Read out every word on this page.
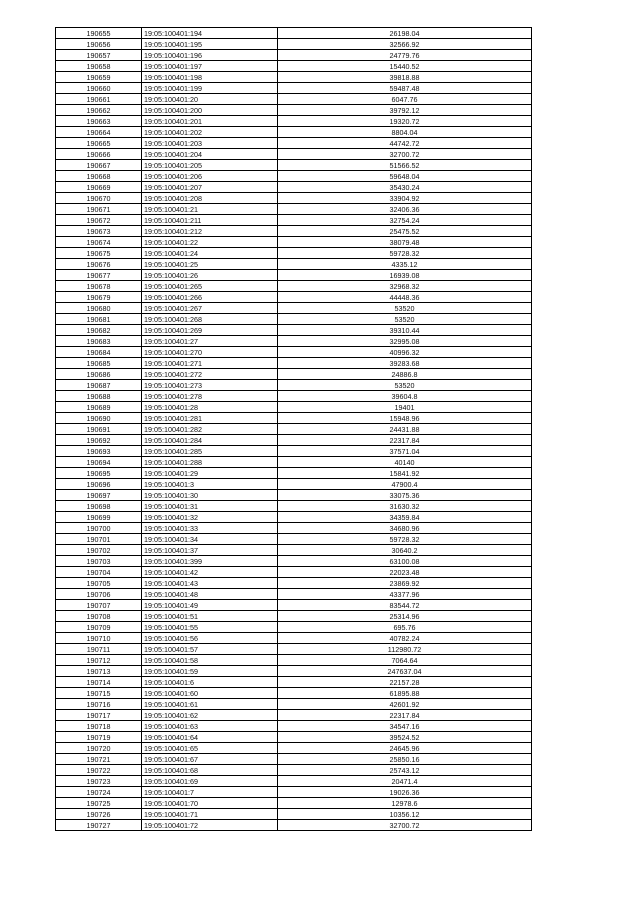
190655	19:05:100401:194	26198.04
190656	19:05:100401:195	32566.92
190657	19:05:100401:196	24779.76
190658	19:05:100401:197	15440.52
190659	19:05:100401:198	39818.88
190660	19:05:100401:199	59487.48
190661	19:05:100401:20	6047.76
190662	19:05:100401:200	39792.12
190663	19:05:100401:201	19320.72
190664	19:05:100401:202	8804.04
190665	19:05:100401:203	44742.72
190666	19:05:100401:204	32700.72
190667	19:05:100401:205	51566.52
190668	19:05:100401:206	59648.04
190669	19:05:100401:207	35430.24
190670	19:05:100401:208	33904.92
190671	19:05:100401:21	32406.36
190672	19:05:100401:211	32754.24
190673	19:05:100401:212	25475.52
190674	19:05:100401:22	38079.48
190675	19:05:100401:24	59728.32
190676	19:05:100401:25	4335.12
190677	19:05:100401:26	16939.08
190678	19:05:100401:265	32968.32
190679	19:05:100401:266	44448.36
190680	19:05:100401:267	53520
190681	19:05:100401:268	53520
190682	19:05:100401:269	39310.44
190683	19:05:100401:27	32995.08
190684	19:05:100401:270	40996.32
190685	19:05:100401:271	39283.68
190686	19:05:100401:272	24886.8
190687	19:05:100401:273	53520
190688	19:05:100401:278	39604.8
190689	19:05:100401:28	19401
190690	19:05:100401:281	15948.96
190691	19:05:100401:282	24431.88
190692	19:05:100401:284	22317.84
190693	19:05:100401:285	37571.04
190694	19:05:100401:288	40140
190695	19:05:100401:29	15841.92
190696	19:05:100401:3	47900.4
190697	19:05:100401:30	33075.36
190698	19:05:100401:31	31630.32
190699	19:05:100401:32	34359.84
190700	19:05:100401:33	34680.96
190701	19:05:100401:34	59728.32
190702	19:05:100401:37	30640.2
190703	19:05:100401:399	63100.08
190704	19:05:100401:42	22023.48
190705	19:05:100401:43	23869.92
190706	19:05:100401:48	43377.96
190707	19:05:100401:49	83544.72
190708	19:05:100401:51	25314.96
190709	19:05:100401:55	695.76
190710	19:05:100401:56	40782.24
190711	19:05:100401:57	112980.72
190712	19:05:100401:58	7064.64
190713	19:05:100401:59	247637.04
190714	19:05:100401:6	22157.28
190715	19:05:100401:60	61895.88
190716	19:05:100401:61	42601.92
190717	19:05:100401:62	22317.84
190718	19:05:100401:63	34547.16
190719	19:05:100401:64	39524.52
190720	19:05:100401:65	24645.96
190721	19:05:100401:67	25850.16
190722	19:05:100401:68	25743.12
190723	19:05:100401:69	20471.4
190724	19:05:100401:7	19026.36
190725	19:05:100401:70	12978.6
190726	19:05:100401:71	10356.12
190727	19:05:100401:72	32700.72
